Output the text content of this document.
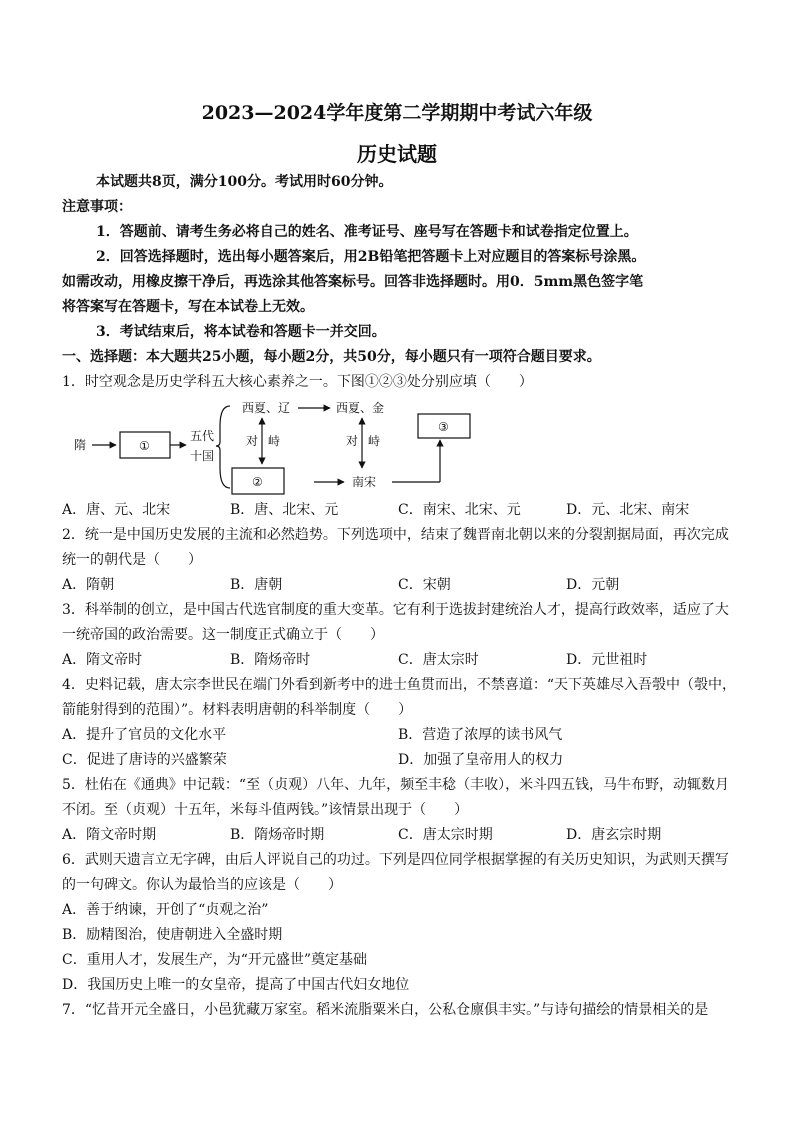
2023—2024学年度第二学期期中考试六年级
历史试题
本试题共8页，满分100分。考试用时60分钟。
注意事项：
1．答题前、请考生务必将自己的姓名、准考证号、座号写在答题卡和试卷指定位置上。
2．回答选择题时，选出每小题答案后，用2B铅笔把答题卡上对应题目的答案标号涂黑。
如需改动，用橡皮擦干净后，再选涂其他答案标号。回答非选择题时。用0．5mm黑色签字笔
将答案写在答题卡，写在本试卷上无效。
3．考试结束后，将本试卷和答题卡一并交回。
一、选择题：本大题共25小题，每小题2分，共50分，每小题只有一项符合题目要求。
1．时空观念是历史学科五大核心素养之一。下图①②③处分别应填（　　）
隋	①
五代
十国
西夏、辽	西夏、金
对 峙
②
对 峙
南宋
③
A．唐、元、北宋	B．唐、北宋、元	C．南宋、北宋、元	D．元、北宋、南宋
2．统一是中国历史发展的主流和必然趋势。下列选项中，结束了魏晋南北朝以来的分裂割据局面，再次完成
统一的朝代是（　　）
A．隋朝	B．唐朝	C．宋朝	D．元朝
3．科举制的创立，是中国古代选官制度的重大变革。它有利于选拔封建统治人才，提高行政效率，适应了大
一统帝国的政治需要。这一制度正式确立于（　　）
A．隋文帝时	B．隋炀帝时	C．唐太宗时	D．元世祖时
4．史料记载，唐太宗李世民在端门外看到新考中的进士鱼贯而出，不禁喜道：“天下英雄尽入吾彀中（彀中，
箭能射得到的范围）”。材料表明唐朝的科举制度（　　）
A．提升了官员的文化水平	B．营造了浓厚的读书风气
C．促进了唐诗的兴盛繁荣	D．加强了皇帝用人的权力
5．杜佑在《通典》中记载：“至（贞观）八年、九年，频至丰稔（丰收），米斗四五钱，马牛布野，动辄数月
不闭。至（贞观）十五年，米每斗值两钱。”该情景出现于（　　）
A．隋文帝时期	B．隋炀帝时期	C．唐太宗时期	D．唐玄宗时期
6．武则天遗言立无字碑，由后人评说自己的功过。下列是四位同学根据掌握的有关历史知识，为武则天撰写
的一句碑文。你认为最恰当的应该是（　　）
A．善于纳谏，开创了“贞观之治”
B．励精图治，使唐朝进入全盛时期
C．重用人才，发展生产，为“开元盛世”奠定基础
D．我国历史上唯一的女皇帝，提高了中国古代妇女地位
7．“忆昔开元全盛日，小邑犹藏万家室。稻米流脂粟米白，公私仓廪俱丰实。”与诗句描绘的情景相关的是
